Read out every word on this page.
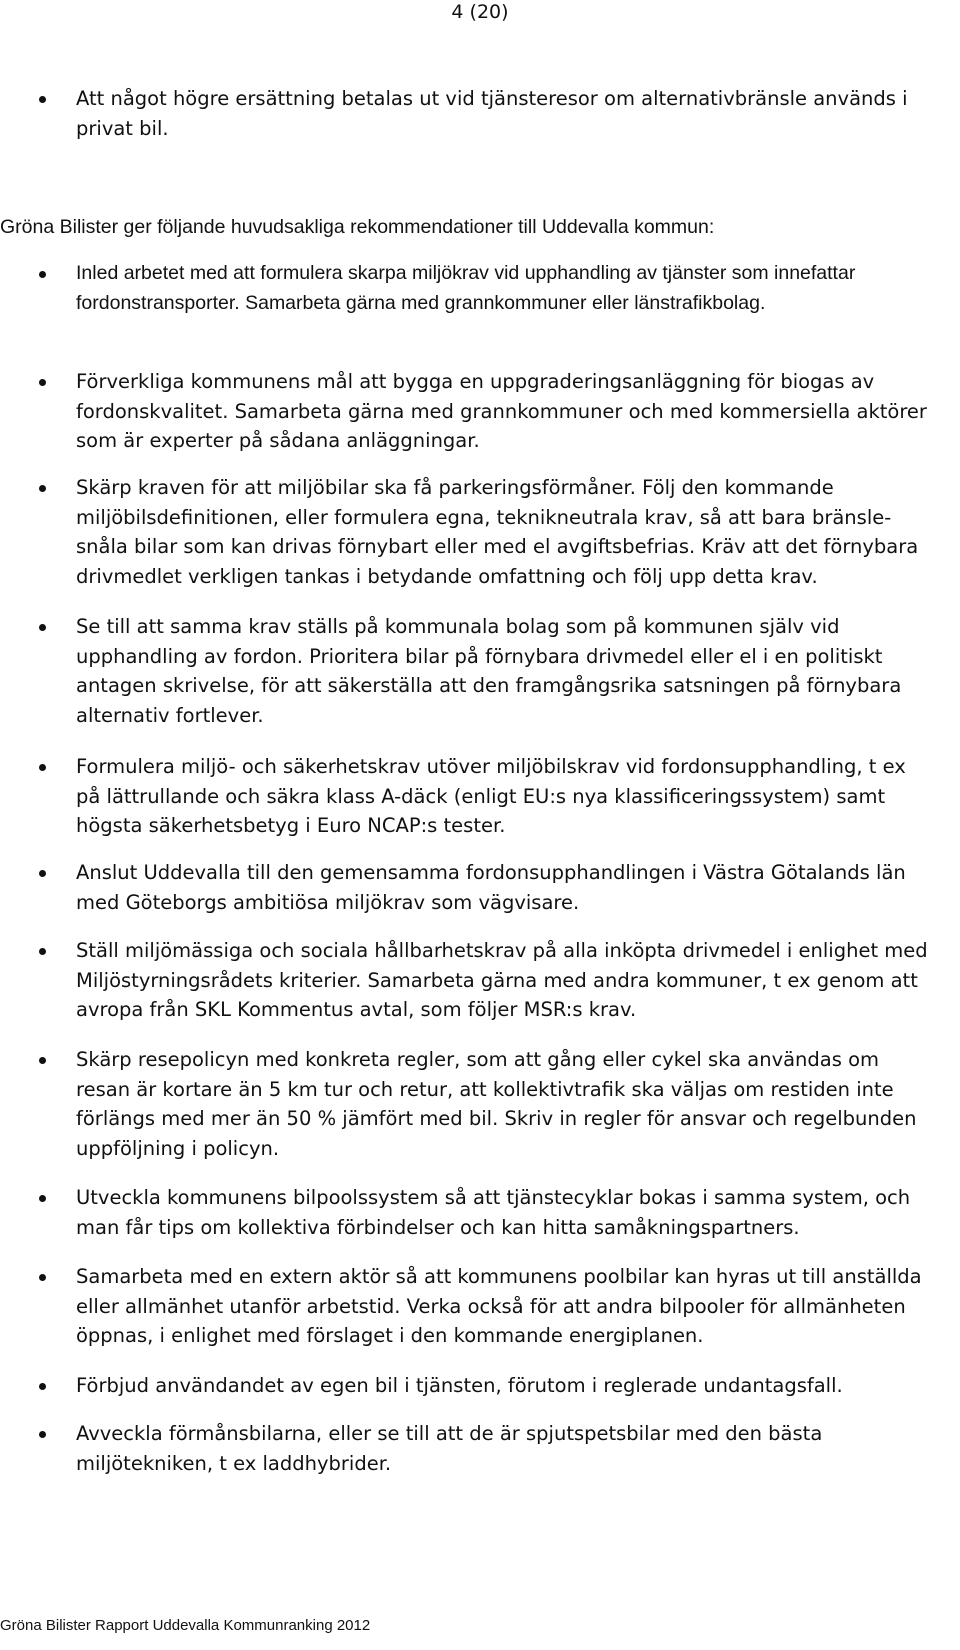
4 (20)
Att något högre ersättning betalas ut vid tjänsteresor om alternativbränsle används i privat bil.
Gröna Bilister ger följande huvudsakliga rekommendationer till Uddevalla kommun:
Inled arbetet med att formulera skarpa miljökrav vid upphandling av tjänster som innefattar fordonstransporter. Samarbeta gärna med grannkommuner eller länstrafikbolag.
Förverkliga kommunens mål att bygga en uppgraderingsanläggning för biogas av fordonskvalitet. Samarbeta gärna med grannkommuner och med kommersiella aktörer som är experter på sådana anläggningar.
Skärp kraven för att miljöbilar ska få parkeringsförmåner. Följ den kommande miljöbilsdefinitionen, eller formulera egna, teknikneutrala krav, så att bara bränsle-snåla bilar som kan drivas förnybart eller med el avgiftsbefrias. Kräv att det förnybara drivmedlet verkligen tankas i betydande omfattning och följ upp detta krav.
Se till att samma krav ställs på kommunala bolag som på kommunen själv vid upphandling av fordon. Prioritera bilar på förnybara drivmedel eller el i en politiskt antagen skrivelse, för att säkerställa att den framgångsrika satsningen på förnybara alternativ fortlever.
Formulera miljö- och säkerhetskrav utöver miljöbilskrav vid fordonsupphandling, t ex på lättrullande och säkra klass A-däck (enligt EU:s nya klassificeringssystem) samt högsta säkerhetsbetyg i Euro NCAP:s tester.
Anslut Uddevalla till den gemensamma fordonsupphandlingen i Västra Götalands län med Göteborgs ambitiösa miljökrav som vägvisare.
Ställ miljömässiga och sociala hållbarhetskrav på alla inköpta drivmedel i enlighet med Miljöstyrningsrådets kriterier. Samarbeta gärna med andra kommuner, t ex genom att avropa från SKL Kommentus avtal, som följer MSR:s krav.
Skärp resepolicyn med konkreta regler, som att gång eller cykel ska användas om resan är kortare än 5 km tur och retur, att kollektivtrafik ska väljas om restiden inte förlängs med mer än 50 % jämfört med bil. Skriv in regler för ansvar och regelbunden uppföljning i policyn.
Utveckla kommunens bilpoolssystem så att tjänstecyklar bokas i samma system, och man får tips om kollektiva förbindelser och kan hitta samåkningspartners.
Samarbeta med en extern aktör så att kommunens poolbilar kan hyras ut till anställda eller allmänhet utanför arbetstid. Verka också för att andra bilpooler för allmänheten öppnas, i enlighet med förslaget i den kommande energiplanen.
Förbjud användandet av egen bil i tjänsten, förutom i reglerade undantagsfall.
Avveckla förmånsbilarna, eller se till att de är spjutspetsbilar med den bästa miljötekniken, t ex laddhybrider.
Gröna Bilister Rapport Uddevalla Kommunranking 2012
